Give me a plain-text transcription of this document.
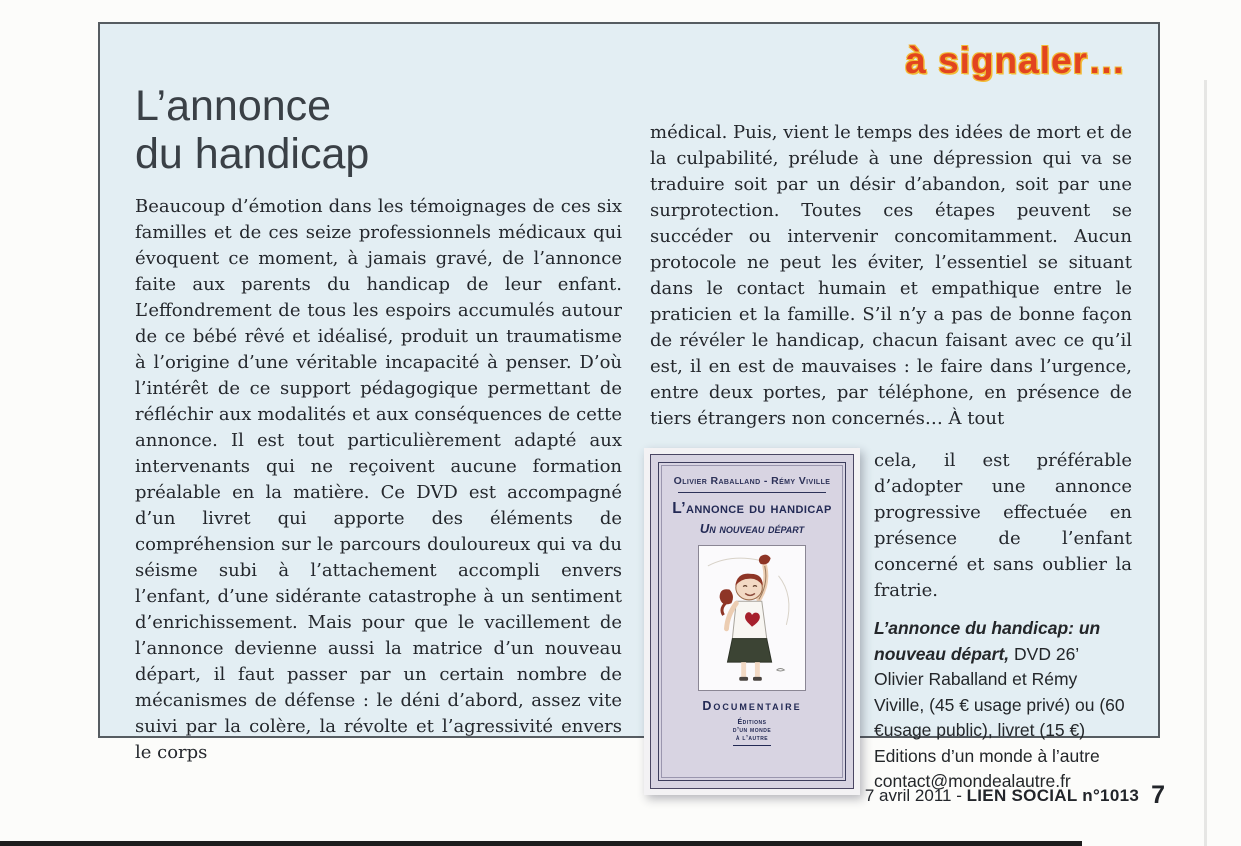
à signaler…
L’annonce
du handicap

Beaucoup d’émotion dans les témoignages de ces six familles et de ces seize professionnels médicaux qui évoquent ce moment, à jamais gravé, de l’annonce faite aux parents du handicap de leur enfant. L’effondrement de tous les espoirs accumulés autour de ce bébé rêvé et idéalisé, produit un traumatisme à l’origine d’une véritable incapacité à penser. D’où l’intérêt de ce support pédagogique permettant de réfléchir aux modalités et aux conséquences de cette annonce. Il est tout particulièrement adapté aux intervenants qui ne reçoivent aucune formation préalable en la matière. Ce DVD est accompagné d’un livret qui apporte des éléments de compréhension sur le parcours douloureux qui va du séisme subi à l’attachement accompli envers l’enfant, d’une sidérante catastrophe à un sentiment d’enrichissement. Mais pour que le vacillement de l’annonce devienne aussi la matrice d’un nouveau départ, il faut passer par un certain nombre de mécanismes de défense : le déni d’abord, assez vite suivi par la colère, la révolte et l’agressivité envers le corps

médical. Puis, vient le temps des idées de mort et de la culpabilité, prélude à une dépression qui va se traduire soit par un désir d’abandon, soit par une surprotection. Toutes ces étapes peuvent se succéder ou intervenir concomitamment. Aucun protocole ne peut les éviter, l’essentiel se situant dans le contact humain et empathique entre le praticien et la famille. S’il n’y a pas de bonne façon de révéler le handicap, chacun faisant avec ce qu’il est, il en est de mauvaises : le faire dans l’urgence, entre deux portes, par téléphone, en présence de tiers étrangers non concernés… À tout

Olivier Raballand - Rémy Viville
L’annonce du handicap
Un nouveau départ
Documentaire
Éditions
d’un monde
à l’autre

cela, il est préférable d’adopter une annonce progressive effectuée en présence de l’enfant concerné et sans oublier la fratrie.

L’annonce du handicap: un nouveau départ, DVD 26’ Olivier Raballand et Rémy Viville, (45 € usage privé) ou (60 €usage public), livret (15 €)
Editions d’un monde à l’autre
contact@mondealautre.fr
7 avril 2011 - LIEN SOCIAL n°1013 7
